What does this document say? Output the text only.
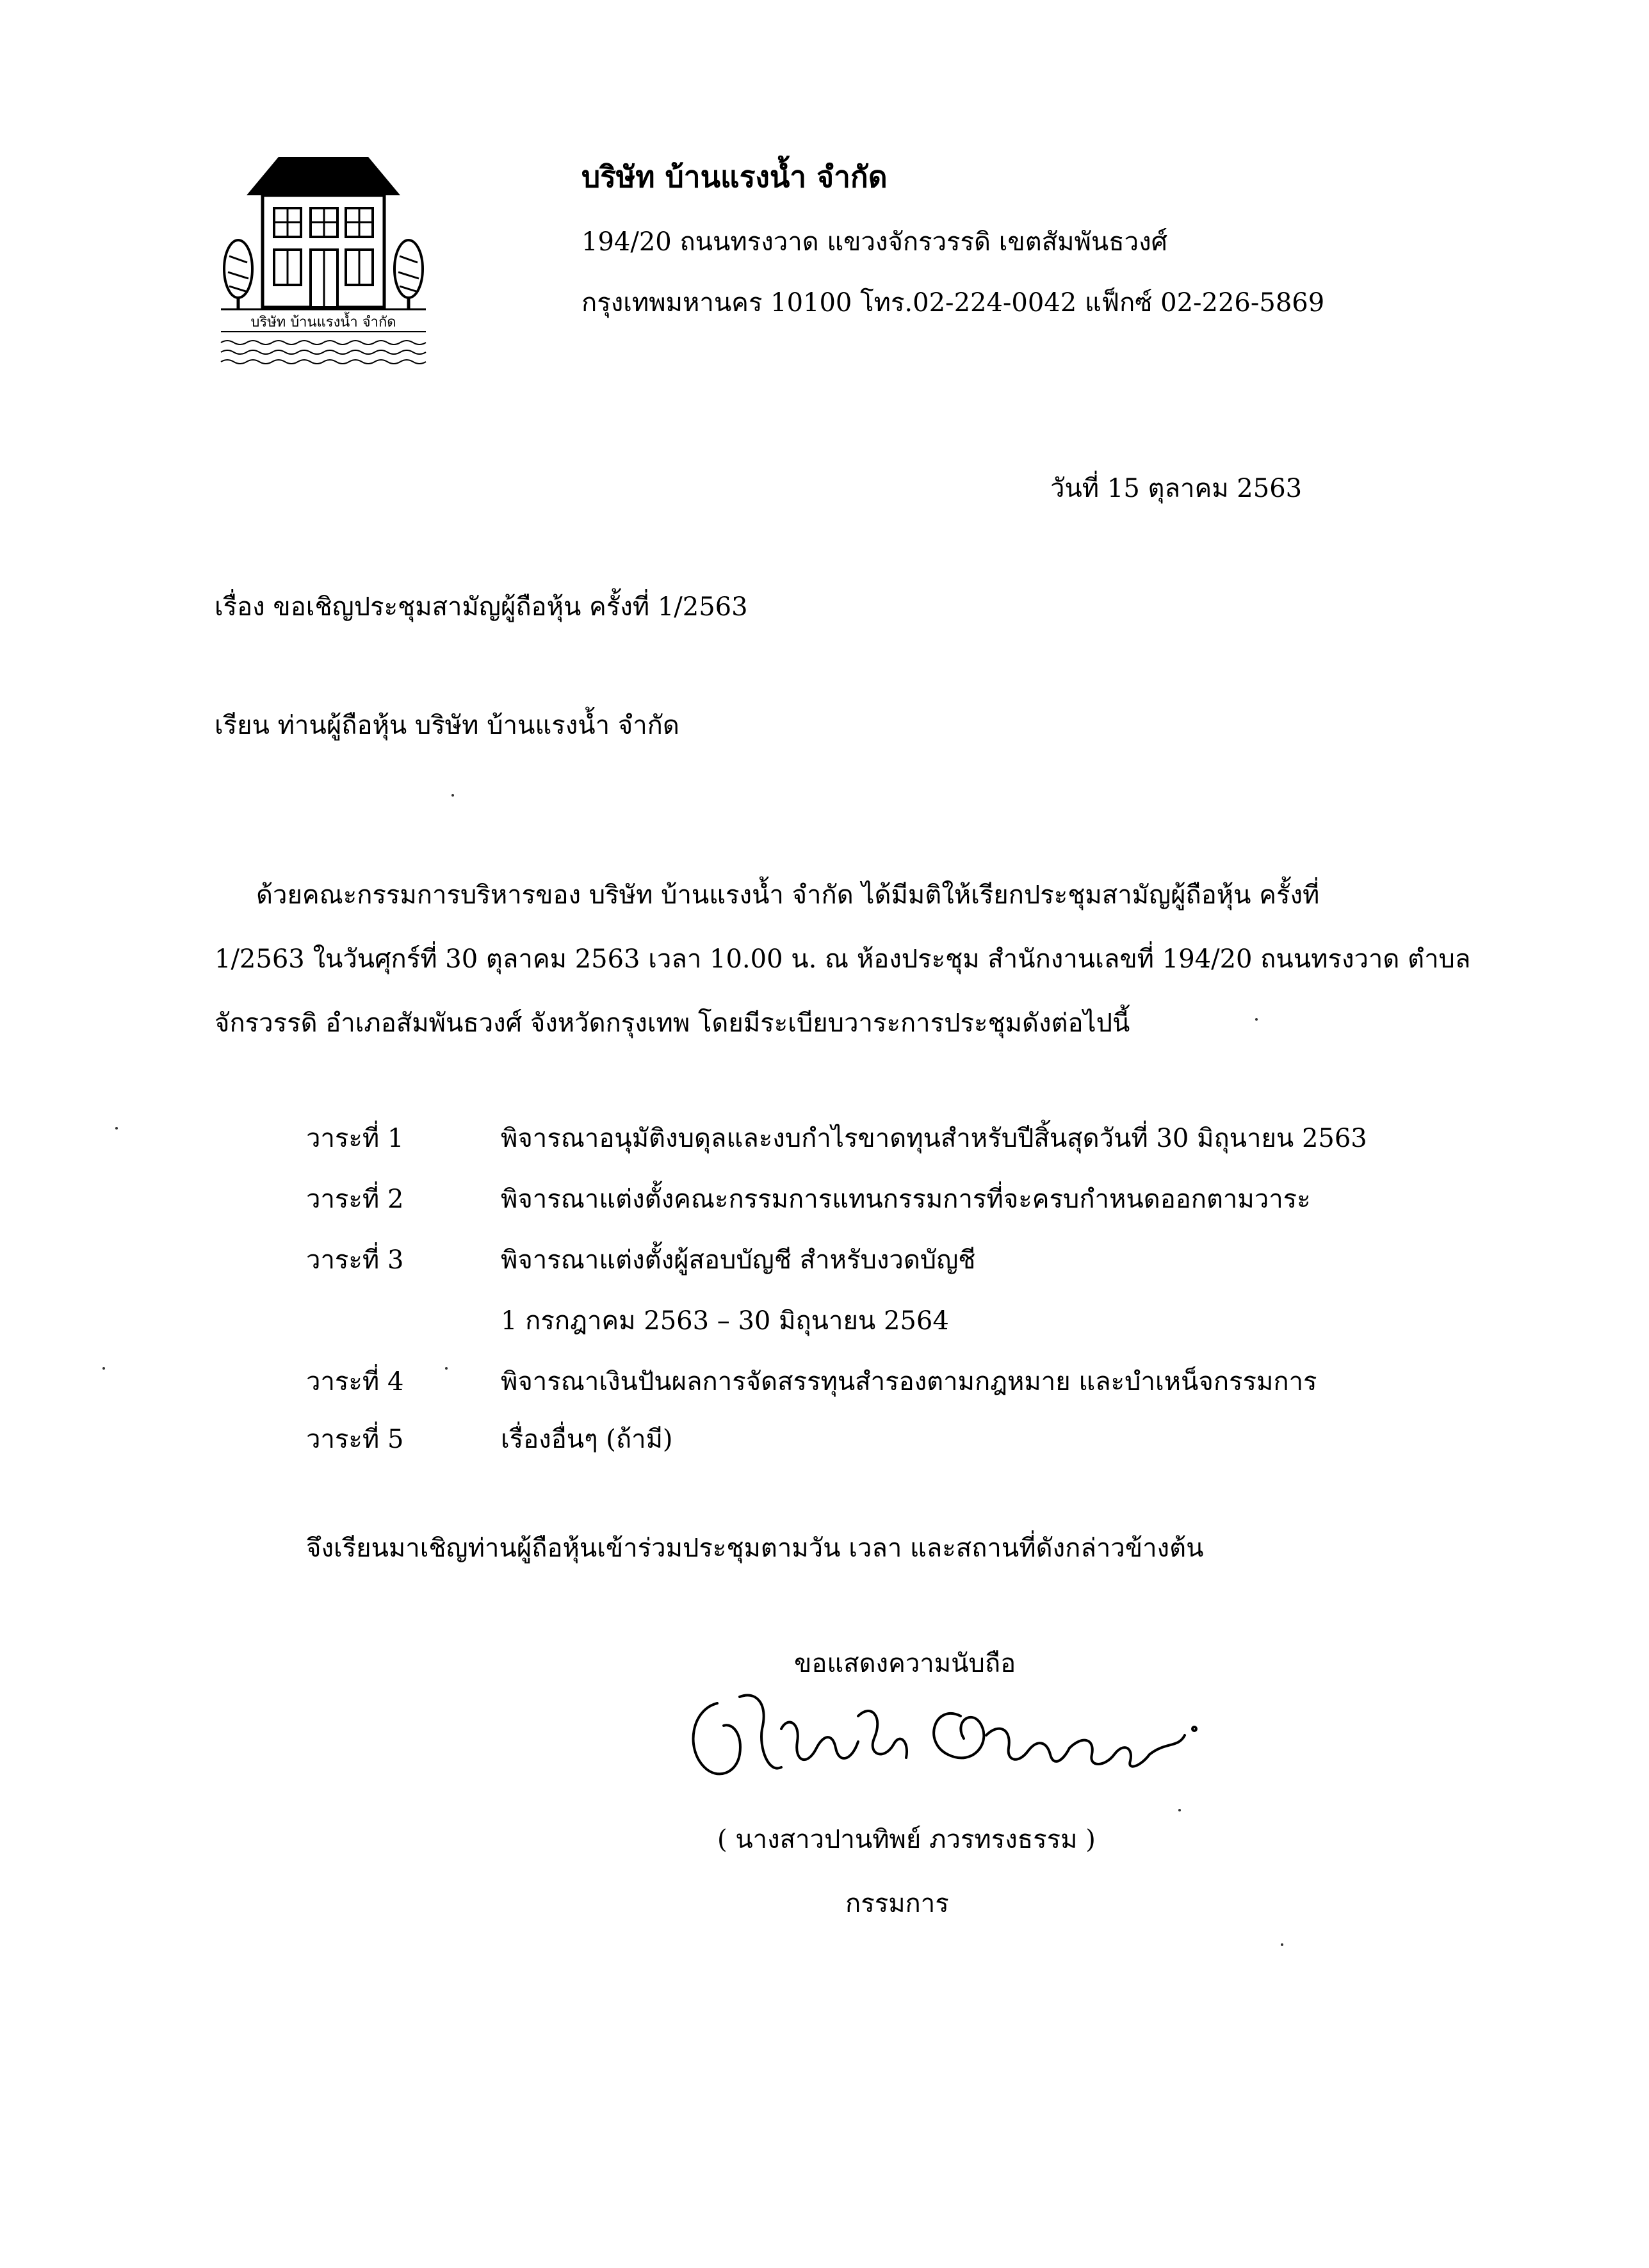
บริษัท บ้านแรงน้ำ จำกัด
บริษัท บ้านแรงน้ำ จำกัด
194/20 ถนนทรงวาด แขวงจักรวรรดิ เขตสัมพันธวงศ์
กรุงเทพมหานคร 10100 โทร.02-224-0042 แฟ็กซ์ 02-226-5869
วันที่ 15 ตุลาคม 2563
เรื่อง ขอเชิญประชุมสามัญผู้ถือหุ้น ครั้งที่ 1/2563
เรียน ท่านผู้ถือหุ้น บริษัท บ้านแรงน้ำ จำกัด
ด้วยคณะกรรมการบริหารของ บริษัท บ้านแรงน้ำ จำกัด ได้มีมติให้เรียกประชุมสามัญผู้ถือหุ้น ครั้งที่
1/2563 ในวันศุกร์ที่ 30 ตุลาคม 2563 เวลา 10.00 น. ณ ห้องประชุม สำนักงานเลขที่ 194/20 ถนนทรงวาด ตำบล
จักรวรรดิ อำเภอสัมพันธวงศ์ จังหวัดกรุงเทพ โดยมีระเบียบวาระการประชุมดังต่อไปนี้
วาระที่ 1	พิจารณาอนุมัติงบดุลและงบกำไรขาดทุนสำหรับปีสิ้นสุดวันที่ 30 มิถุนายน 2563
วาระที่ 2	พิจารณาแต่งตั้งคณะกรรมการแทนกรรมการที่จะครบกำหนดออกตามวาระ
วาระที่ 3	พิจารณาแต่งตั้งผู้สอบบัญชี สำหรับงวดบัญชี
1 กรกฎาคม 2563 – 30 มิถุนายน 2564
วาระที่ 4	พิจารณาเงินปันผลการจัดสรรทุนสำรองตามกฎหมาย และบำเหน็จกรรมการ
วาระที่ 5	เรื่องอื่นๆ (ถ้ามี)
จึงเรียนมาเชิญท่านผู้ถือหุ้นเข้าร่วมประชุมตามวัน เวลา และสถานที่ดังกล่าวข้างต้น
ขอแสดงความนับถือ
( นางสาวปานทิพย์ ภวรทรงธรรม )
กรรมการ
